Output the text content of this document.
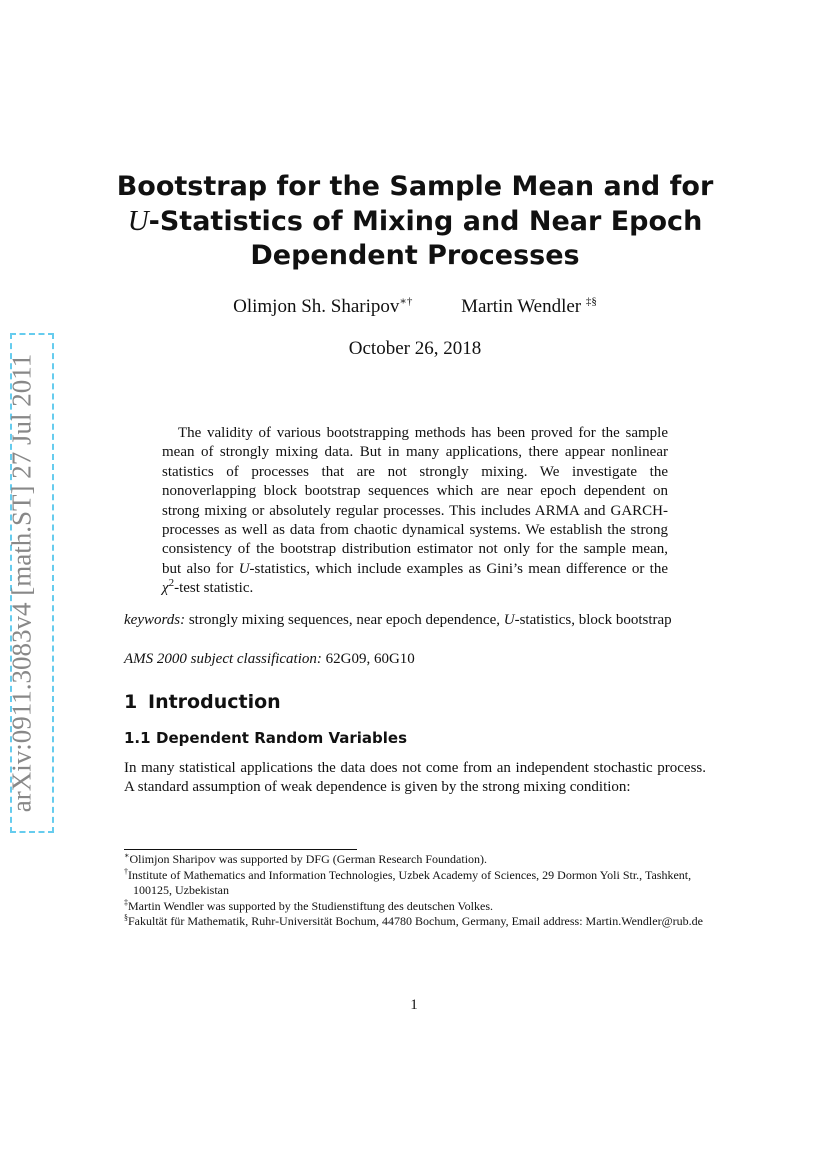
arXiv:0911.3083v4 [math.ST] 27 Jul 2011
Bootstrap for the Sample Mean and for
U-Statistics of Mixing and Near Epoch
Dependent Processes
Olimjon Sh. Sharipov∗†	Martin Wendler ‡§
October 26, 2018
The validity of various bootstrapping methods has been proved for the sample mean of strongly mixing data. But in many applications, there appear nonlinear statistics of processes that are not strongly mixing. We investigate the nonoverlapping block bootstrap sequences which are near epoch dependent on strong mixing or absolutely regular processes. This includes ARMA and GARCH-processes as well as data from chaotic dynamical systems. We establish the strong consistency of the bootstrap distribution estimator not only for the sample mean, but also for U-statistics, which include examples as Gini’s mean difference or the $\chi^2$-test statistic.
keywords: strongly mixing sequences, near epoch dependence, U-statistics, block bootstrap
AMS 2000 subject classification: 62G09, 60G10
1 Introduction
1.1 Dependent Random Variables
In many statistical applications the data does not come from an independent stochastic process. A standard assumption of weak dependence is given by the strong mixing condition:

∗Olimjon Sharipov was supported by DFG (German Research Foundation).

†Institute of Mathematics and Information Technologies, Uzbek Academy of Sciences, 29 Dormon Yoli Str., Tashkent, 100125, Uzbekistan

‡Martin Wendler was supported by the Studienstiftung des deutschen Volkes.

§Fakultät für Mathematik, Ruhr-Universität Bochum, 44780 Bochum, Germany, Email address: Martin.Wendler@rub.de

1
